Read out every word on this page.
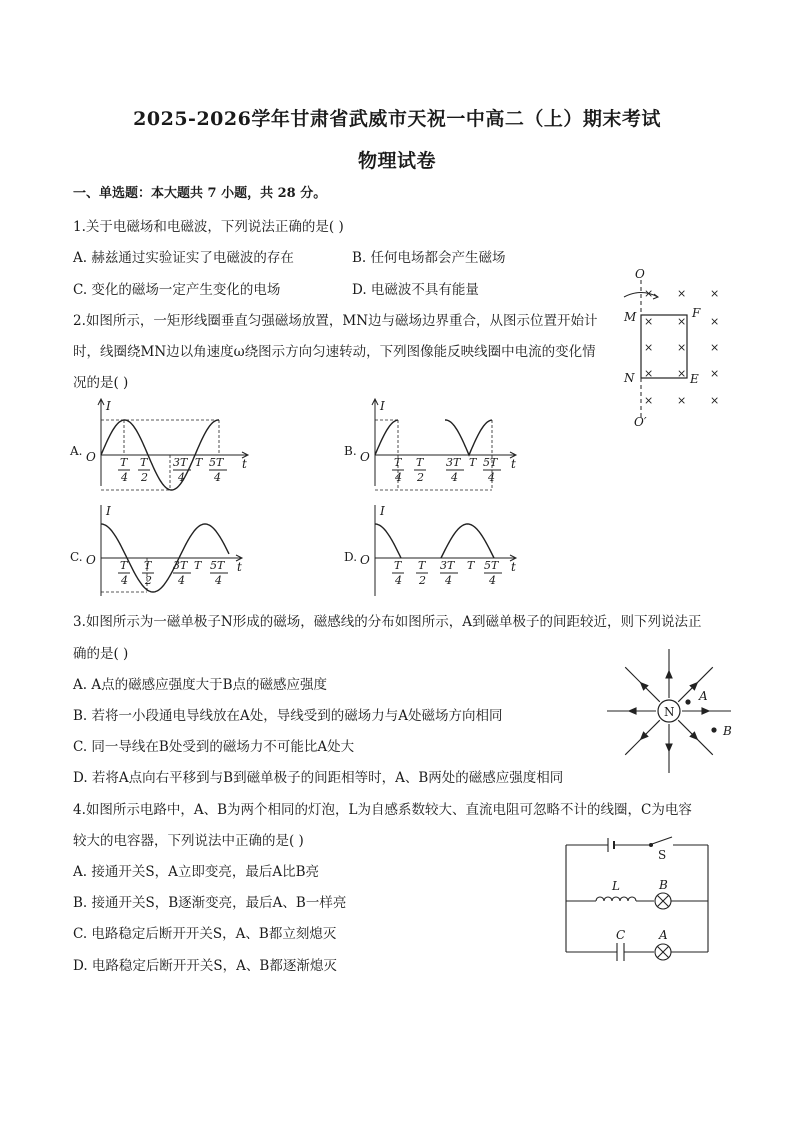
2025-2026学年甘肃省武威市天祝一中高二（上）期末考试
物理试卷
一、单选题：本大题共 7 小题，共 28 分。
1.关于电磁场和电磁波，下列说法正确的是( )
A. 赫兹通过实验证实了电磁波的存在	B. 任何电场都会产生磁场
C. 变化的磁场一定产生变化的电场	D. 电磁波不具有能量
2.如图所示，一矩形线圈垂直匀强磁场放置，MN边与磁场边界重合，从图示位置开始计
时，线圈绕MN边以角速度ω绕图示方向匀速转动，下列图像能反映线圈中电流的变化情
况的是( )
O
O′
M
N
F
E
× × ×
× × ×
× × ×
× × ×
× × ×
A.
I
O	t
T
4
T
2
3T
4
T 5T
4
B.
I
O	t
T
4
T
2
3T
4
T 5T
4
C.
I
O	t
T
4
T
2
3T
4
T 5T
4
D.
I
O	t
T
4
T
2
3T
4
T 5T
4
3.如图所示为一磁单极子N形成的磁场，磁感线的分布如图所示，A到磁单极子的间距较近，则下列说法正
确的是( )
A. A点的磁感应强度大于B点的磁感应强度
B. 若将一小段通电导线放在A处，导线受到的磁场力与A处磁场方向相同
C. 同一导线在B处受到的磁场力不可能比A处大
D. 若将A点向右平移到与B到磁单极子的间距相等时，A、B两处的磁感应强度相同
N
A
B
4.如图所示电路中，A、B为两个相同的灯泡，L为自感系数较大、直流电阻可忽略不计的线圈，C为电容
较大的电容器，下列说法中正确的是( )
A. 接通开关S，A立即变亮，最后A比B亮
B. 接通开关S，B逐渐变亮，最后A、B一样亮
C. 电路稳定后断开开关S，A、B都立刻熄灭
D. 电路稳定后断开开关S，A、B都逐渐熄灭
S
L	B
C	A
